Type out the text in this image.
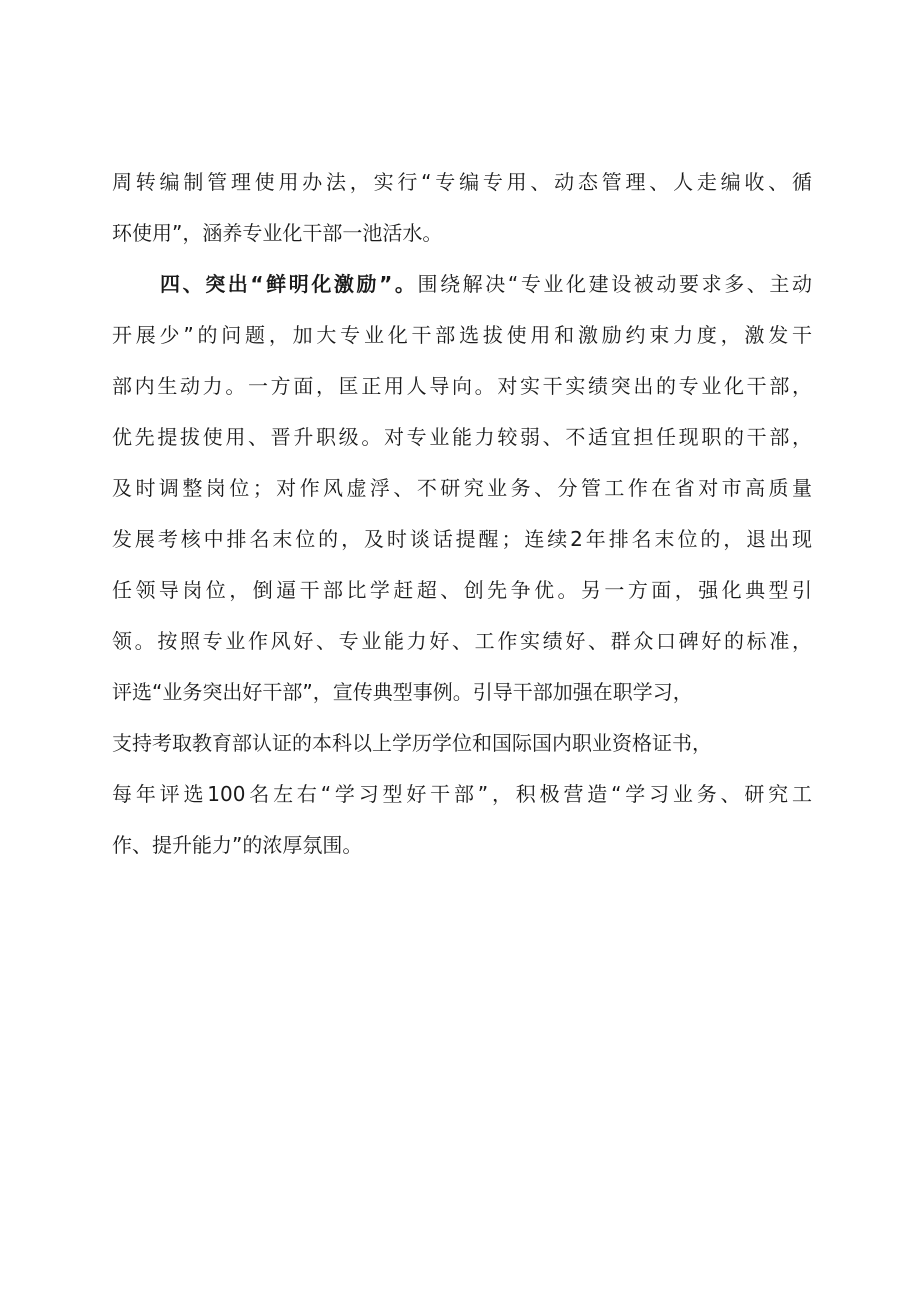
周转编制管理使用办法，实行“专编专用、动态管理、人走编收、循
环使用”，涵养专业化干部一池活水。
四、突出“鲜明化激励”。围绕解决“专业化建设被动要求多、主动
开展少”的问题，加大专业化干部选拔使用和激励约束力度，激发干
部内生动力。一方面，匡正用人导向。对实干实绩突出的专业化干部，
优先提拔使用、晋升职级。对专业能力较弱、不适宜担任现职的干部，
及时调整岗位；对作风虚浮、不研究业务、分管工作在省对市高质量
发展考核中排名末位的，及时谈话提醒；连续2年排名末位的，退出现
任领导岗位，倒逼干部比学赶超、创先争优。另一方面，强化典型引
领。按照专业作风好、专业能力好、工作实绩好、群众口碑好的标准，
评选“业务突出好干部”，宣传典型事例。引导干部加强在职学习，
支持考取教育部认证的本科以上学历学位和国际国内职业资格证书，
每年评选100名左右“学习型好干部”，积极营造“学习业务、研究工
作、提升能力”的浓厚氛围。
